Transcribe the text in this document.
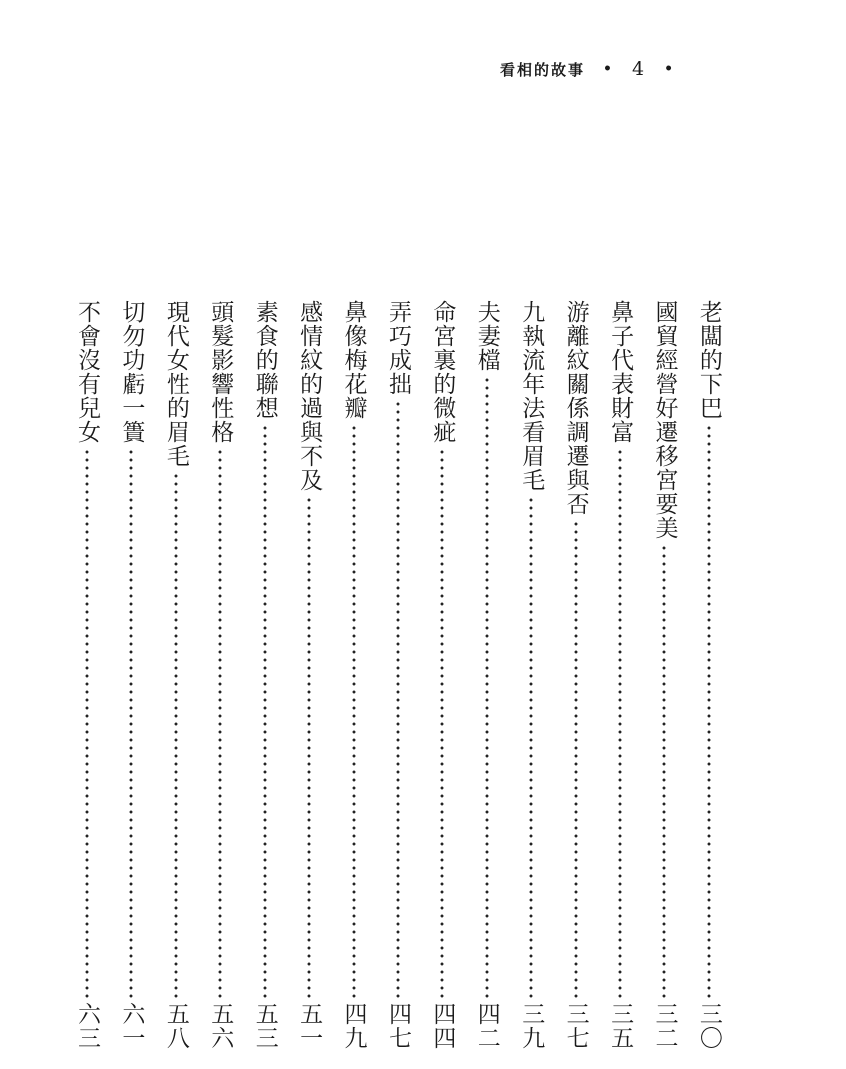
看相的故事 • 4 •
老闆的下巴
三〇
國貿經營好遷移宮要美
三二
鼻子代表財富
三五
游離紋關係調遷與否
三七
九執流年法看眉毛
三九
夫妻檔
四二
命宮裏的微疵
四四
弄巧成拙
四七
鼻像梅花瓣
四九
感情紋的過與不及
五一
素食的聯想
五三
頭髮影響性格
五六
現代女性的眉毛
五八
切勿功虧一簣
六一
不會沒有兒女
六三
